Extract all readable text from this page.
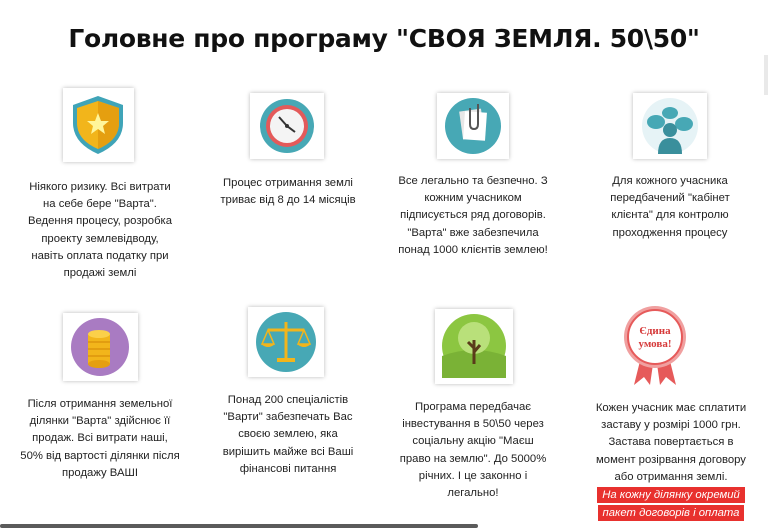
Головне про програму "СВОЯ ЗЕМЛЯ. 50\50"
Ніякого ризику. Всі витрати
на себе бере "Варта".
Ведення процесу, розробка
проекту землевідводу,
навіть оплата податку при
продажі землі
Процес отримання землі
триває від 8 до 14 місяців
Все легально та безпечно. З
кожним учасником
підписується ряд договорів.
"Варта" вже забезпечила
понад 1000 клієнтів землею!
Для кожного учасника
передбачений "кабінет
клієнта" для контролю
проходження процесу
Після отримання земельної
ділянки "Варта" здійснює її
продаж. Всі витрати наші,
50% від вартості ділянки після
продажу ВАШІ
Понад 200 спеціалістів
"Варти" забезпечать Вас
своєю землею, яка
вирішить майже всі Ваші
фінансові питання
Програма передбачає
інвестування в 50\50 через
соціальну акцію "Маєш
право на землю". До 5000%
річних. І це законно і
легально!
Єдина
умова!
Кожен учасник має сплатити
заставу у розмірі 1000 грн.
Застава повертається в
момент розірвання договору
або отримання землі.
На кожну ділянку окремий
пакет договорів і оплата
